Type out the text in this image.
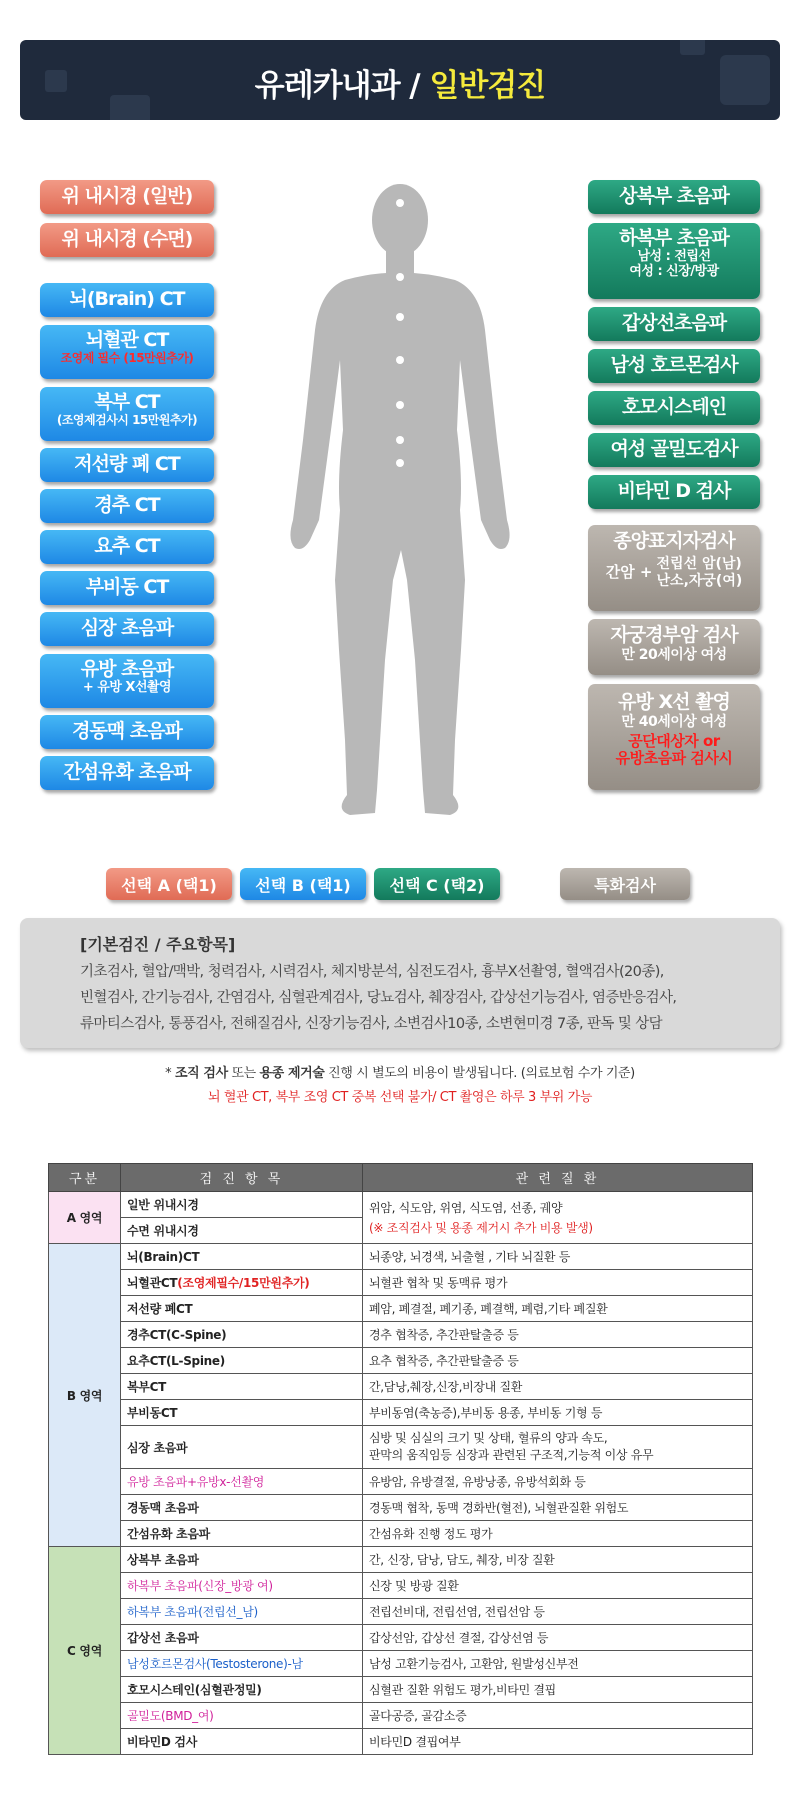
유레카내과 / 일반검진
위 내시경 (일반)
위 내시경 (수면)
뇌(Brain) CT
뇌혈관 CT
조영제 필수 (15만원추가)
복부 CT
(조영제검사시 15만원추가)
저선량 폐 CT
경추 CT
요추 CT
부비동 CT
심장 초음파
유방 초음파
+ 유방 X선촬영
경동맥 초음파
간섬유화 초음파
상복부 초음파
하복부 초음파
남성 : 전립선
여성 : 신장/방광
갑상선초음파
남성 호르몬검사
호모시스테인
여성 골밀도검사
비타민 D 검사
종양표지자검사
간암 + 전립선 암(남)
난소,자궁(여)
자궁경부암 검사
만 20세이상 여성
유방 X선 촬영
만 40세이상 여성
공단대상자 or
유방초음파 검사시
선택 A (택1) 선택 B (택1) 선택 C (택2)	특화검사
[기본검진 / 주요항목]
기초검사, 혈압/맥박, 청력검사, 시력검사, 체지방분석, 심전도검사, 흉부X선촬영, 혈액검사(20종),
빈혈검사, 간기능검사, 간염검사, 심혈관계검사, 당뇨검사, 췌장검사, 갑상선기능검사, 염증반응검사,
류마티스검사, 통풍검사, 전해질검사, 신장기능검사, 소변검사10종, 소변현미경 7종, 판독 및 상담
* 조직 검사 또는 용종 제거술 진행 시 별도의 비용이 발생됩니다. (의료보험 수가 기준)
뇌 혈관 CT, 복부 조영 CT 중복 선택 불가/ CT 촬영은 하루 3 부위 가능
구분	검 진 항 목	관 련 질 환
A 영역	일반 위내시경	위암, 식도암, 위염, 식도염, 선종, 궤양
(※ 조직검사 및 용종 제거시 추가 비용 발생)

	수면 위내시경	
B 영역	뇌(Brain)CT	뇌종양, 뇌경색, 뇌출혈 , 기타 뇌질환 등
	뇌혈관CT(조영제필수/15만원추가)	뇌혈관 협착 및 동맥류 평가
	저선량 폐CT	폐암, 폐결절, 폐기종, 폐결핵, 폐렴,기타 폐질환
	경추CT(C-Spine)	경추 협착증, 추간판탈출증 등
	요추CT(L-Spine)	요추 협착증, 추간판탈출증 등
	복부CT	간,담낭,췌장,신장,비장내 질환
	부비동CT	부비동염(축농증),부비동 용종, 부비동 기형 등
	심장 초음파	심방 및 심실의 크기 및 상태, 혈류의 양과 속도,
판막의 움직임등 심장과 관련된 구조적,기능적 이상 유무

	유방 초음파+유방x-선촬영	유방암, 유방결절, 유방낭종, 유방석회화 등
	경동맥 초음파	경동맥 협착, 동맥 경화반(혈전), 뇌혈관질환 위험도
	간섬유화 초음파	간섬유화 진행 정도 평가
C 영역	상복부 초음파	간, 신장, 담낭, 담도, 췌장, 비장 질환
	하복부 초음파(신장_방광 여)	신장 및 방광 질환
	하복부 초음파(전립선_남)	전립선비대, 전립선염, 전립선암 등
	갑상선 초음파	갑상선암, 갑상선 결절, 갑상선염 등
	남성호르몬검사(Testosterone)-남	남성 고환기능검사, 고환암, 원발성신부전
	호모시스테인(심혈관정밀)	심혈관 질환 위험도 평가,비타민 결핍
	골밀도(BMD_여)	골다공증, 골감소증
	비타민D 검사	비타민D 결핍여부
